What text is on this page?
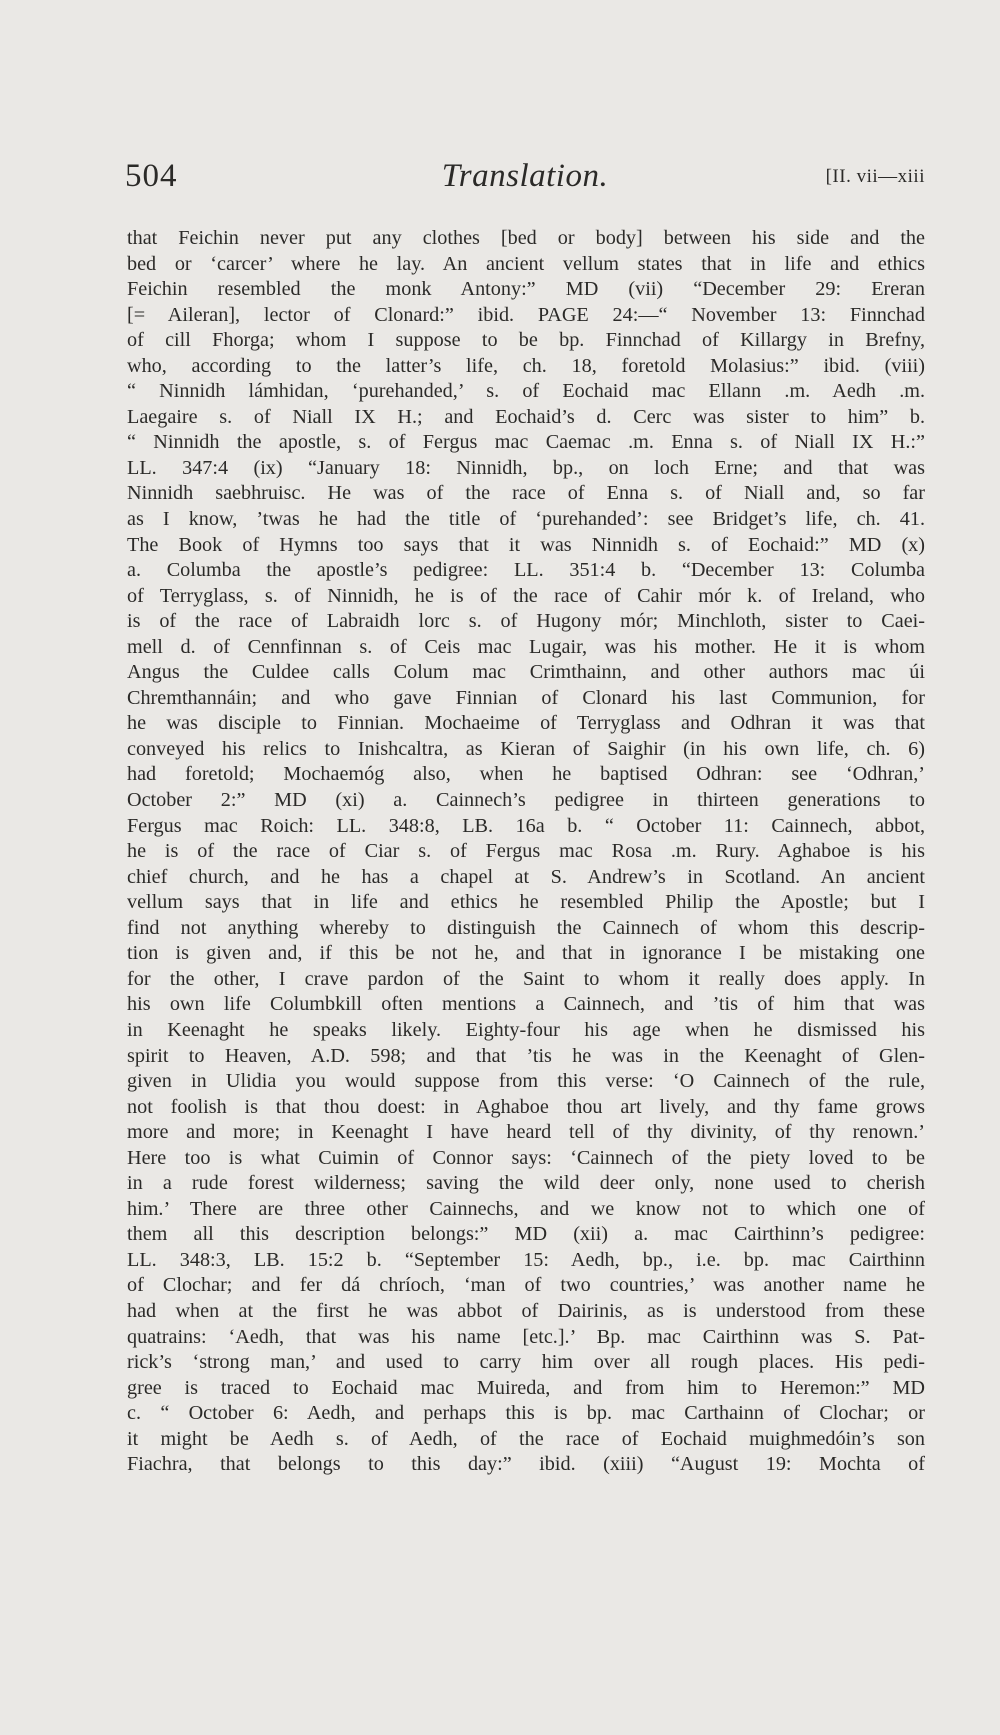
504	Translation.	[II. vii—xiii
that Feichin never put any clothes [bed or body] between his side and the
bed or ‘carcer’ where he lay. An ancient vellum states that in life and ethics
Feichin resembled the monk Antony:” MD (vii) “December 29: Ereran
[= Aileran], lector of Clonard:” ibid. PAGE 24:—“ November 13: Finnchad
of cill Fhorga; whom I suppose to be bp. Finnchad of Killargy in Brefny,
who, according to the latter’s life, ch. 18, foretold Molasius:” ibid. (viii)
“ Ninnidh lámhidan, ‘purehanded,’ s. of Eochaid mac Ellann .m. Aedh .m.
Laegaire s. of Niall IX H.; and Eochaid’s d. Cerc was sister to him” b.
“ Ninnidh the apostle, s. of Fergus mac Caemac .m. Enna s. of Niall IX H.:”
LL. 347:4 (ix) “January 18: Ninnidh, bp., on loch Erne; and that was
Ninnidh saebhruisc. He was of the race of Enna s. of Niall and, so far
as I know, ’twas he had the title of ‘purehanded’: see Bridget’s life, ch. 41.
The Book of Hymns too says that it was Ninnidh s. of Eochaid:” MD (x)
a. Columba the apostle’s pedigree: LL. 351:4 b. “December 13: Columba
of Terryglass, s. of Ninnidh, he is of the race of Cahir mór k. of Ireland, who
is of the race of Labraidh lorc s. of Hugony mór; Minchloth, sister to Caei-
mell d. of Cennfinnan s. of Ceis mac Lugair, was his mother. He it is whom
Angus the Culdee calls Colum mac Crimthainn, and other authors mac úi
Chremthannáin; and who gave Finnian of Clonard his last Communion, for
he was disciple to Finnian. Mochaeime of Terryglass and Odhran it was that
conveyed his relics to Inishcaltra, as Kieran of Saighir (in his own life, ch. 6)
had foretold; Mochaemóg also, when he baptised Odhran: see ‘Odhran,’
October 2:” MD (xi) a. Cainnech’s pedigree in thirteen generations to
Fergus mac Roich: LL. 348:8, LB. 16a b. “ October 11: Cainnech, abbot,
he is of the race of Ciar s. of Fergus mac Rosa .m. Rury. Aghaboe is his
chief church, and he has a chapel at S. Andrew’s in Scotland. An ancient
vellum says that in life and ethics he resembled Philip the Apostle; but I
find not anything whereby to distinguish the Cainnech of whom this descrip-
tion is given and, if this be not he, and that in ignorance I be mistaking one
for the other, I crave pardon of the Saint to whom it really does apply. In
his own life Columbkill often mentions a Cainnech, and ’tis of him that was
in Keenaght he speaks likely. Eighty-four his age when he dismissed his
spirit to Heaven, A.D. 598; and that ’tis he was in the Keenaght of Glen-
given in Ulidia you would suppose from this verse: ‘O Cainnech of the rule,
not foolish is that thou doest: in Aghaboe thou art lively, and thy fame grows
more and more; in Keenaght I have heard tell of thy divinity, of thy renown.’
Here too is what Cuimin of Connor says: ‘Cainnech of the piety loved to be
in a rude forest wilderness; saving the wild deer only, none used to cherish
him.’ There are three other Cainnechs, and we know not to which one of
them all this description belongs:” MD (xii) a. mac Cairthinn’s pedigree:
LL. 348:3, LB. 15:2 b. “September 15: Aedh, bp., i.e. bp. mac Cairthinn
of Clochar; and fer dá chríoch, ‘man of two countries,’ was another name he
had when at the first he was abbot of Dairinis, as is understood from these
quatrains: ‘Aedh, that was his name [etc.].’ Bp. mac Cairthinn was S. Pat-
rick’s ‘strong man,’ and used to carry him over all rough places. His pedi-
gree is traced to Eochaid mac Muireda, and from him to Heremon:” MD
c. “ October 6: Aedh, and perhaps this is bp. mac Carthainn of Clochar; or
it might be Aedh s. of Aedh, of the race of Eochaid muighmedóin’s son
Fiachra, that belongs to this day:” ibid. (xiii) “August 19: Mochta of
